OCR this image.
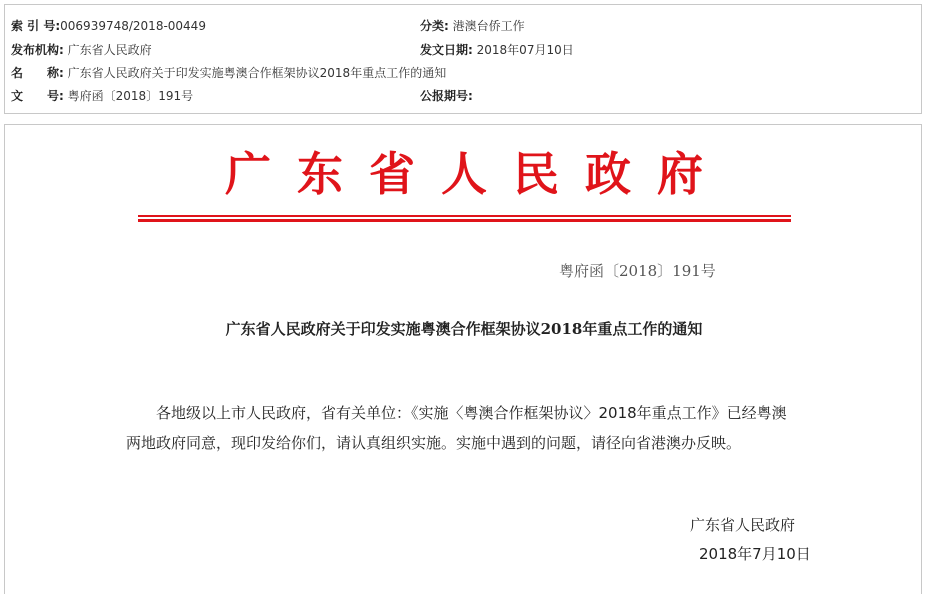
索 引 号:006939748/2018-00449	分类: 港澳台侨工作
发布机构: 广东省人民政府	发文日期: 2018年07月10日
名 称: 广东省人民政府关于印发实施粤澳合作框架协议2018年重点工作的通知
文 号: 粤府函〔2018〕191号	公报期号:
广东省人民政府
粤府函〔2018〕191号
广东省人民政府关于印发实施粤澳合作框架协议2018年重点工作的通知
各地级以上市人民政府，省有关单位：《实施〈粤澳合作框架协议〉2018年重点工作》已经粤澳两地政府同意，现印发给你们，请认真组织实施。实施中遇到的问题，请径向省港澳办反映。
广东省人民政府
2018年7月10日
